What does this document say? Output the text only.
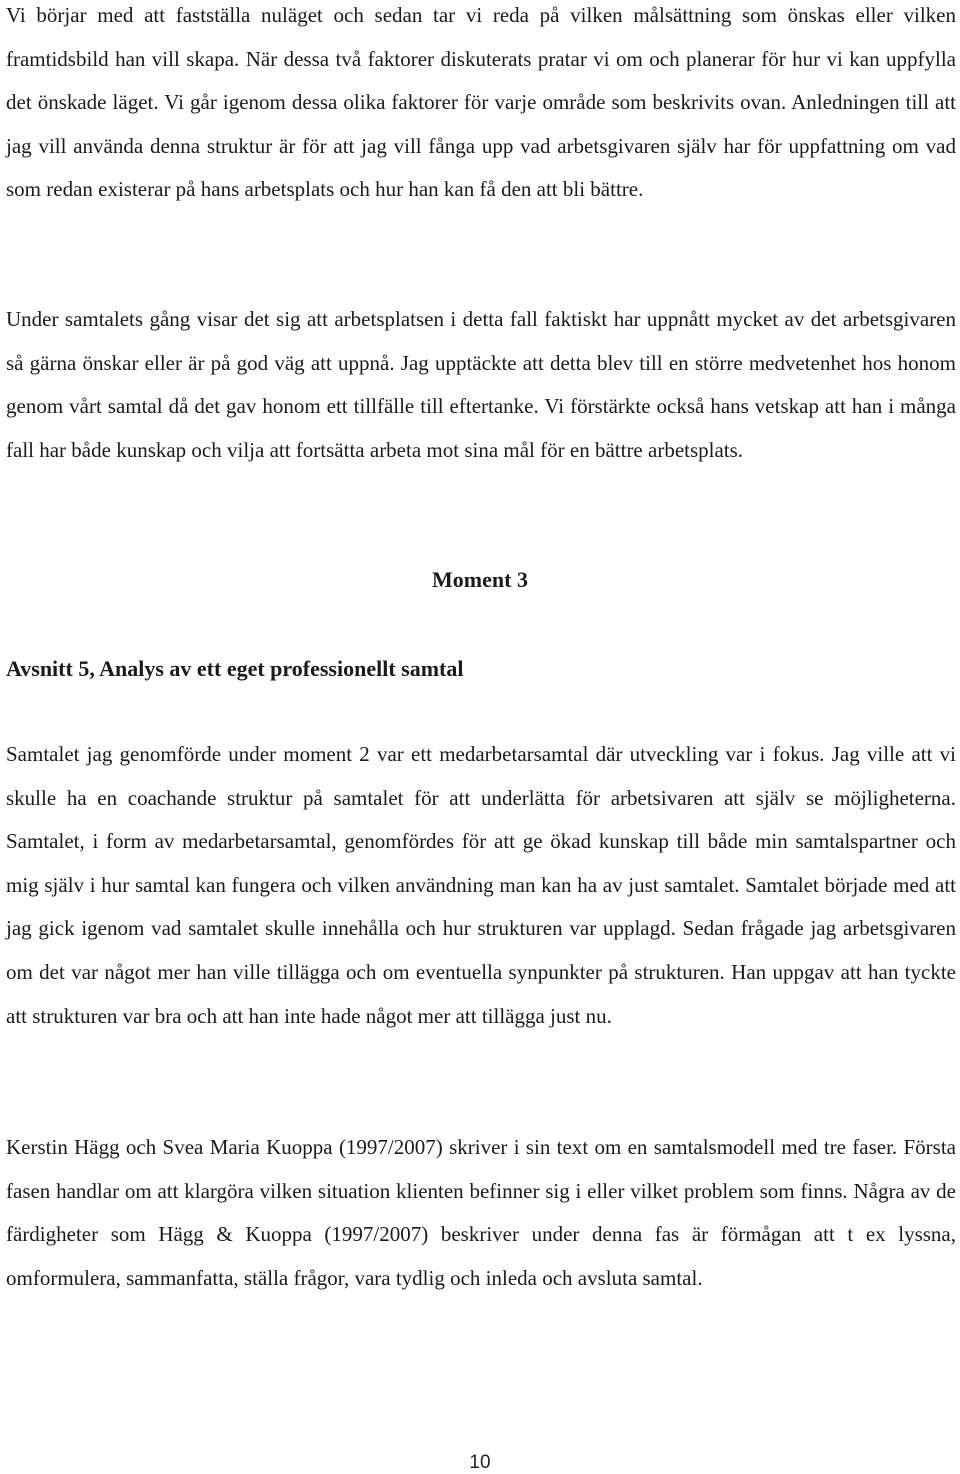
Vi börjar med att fastställa nuläget och sedan tar vi reda på vilken målsättning som önskas eller vilken framtidsbild han vill skapa. När dessa två faktorer diskuterats pratar vi om och planerar för hur vi kan uppfylla det önskade läget. Vi går igenom dessa olika faktorer för varje område som beskrivits ovan. Anledningen till att jag vill använda denna struktur är för att jag vill fånga upp vad arbetsgivaren själv har för uppfattning om vad som redan existerar på hans arbetsplats och hur han kan få den att bli bättre.

Under samtalets gång visar det sig att arbetsplatsen i detta fall faktiskt har uppnått mycket av det arbetsgivaren så gärna önskar eller är på god väg att uppnå. Jag upptäckte att detta blev till en större medvetenhet hos honom genom vårt samtal då det gav honom ett tillfälle till eftertanke. Vi förstärkte också hans vetskap att han i många fall har både kunskap och vilja att fortsätta arbeta mot sina mål för en bättre arbetsplats.

Moment 3
Avsnitt 5, Analys av ett eget professionellt samtal

Samtalet jag genomförde under moment 2 var ett medarbetarsamtal där utveckling var i fokus. Jag ville att vi skulle ha en coachande struktur på samtalet för att underlätta för arbetsivaren att själv se möjligheterna. Samtalet, i form av medarbetarsamtal, genomfördes för att ge ökad kunskap till både min samtalspartner och mig själv i hur samtal kan fungera och vilken användning man kan ha av just samtalet. Samtalet började med att jag gick igenom vad samtalet skulle innehålla och hur strukturen var upplagd. Sedan frågade jag arbetsgivaren om det var något mer han ville tillägga och om eventuella synpunkter på strukturen. Han uppgav att han tyckte att strukturen var bra och att han inte hade något mer att tillägga just nu.

Kerstin Hägg och Svea Maria Kuoppa (1997/2007) skriver i sin text om en samtalsmodell med tre faser. Första fasen handlar om att klargöra vilken situation klienten befinner sig i eller vilket problem som finns. Några av de färdigheter som Hägg & Kuoppa (1997/2007) beskriver under denna fas är förmågan att t ex lyssna, omformulera, sammanfatta, ställa frågor, vara tydlig och inleda och avsluta samtal.

10
